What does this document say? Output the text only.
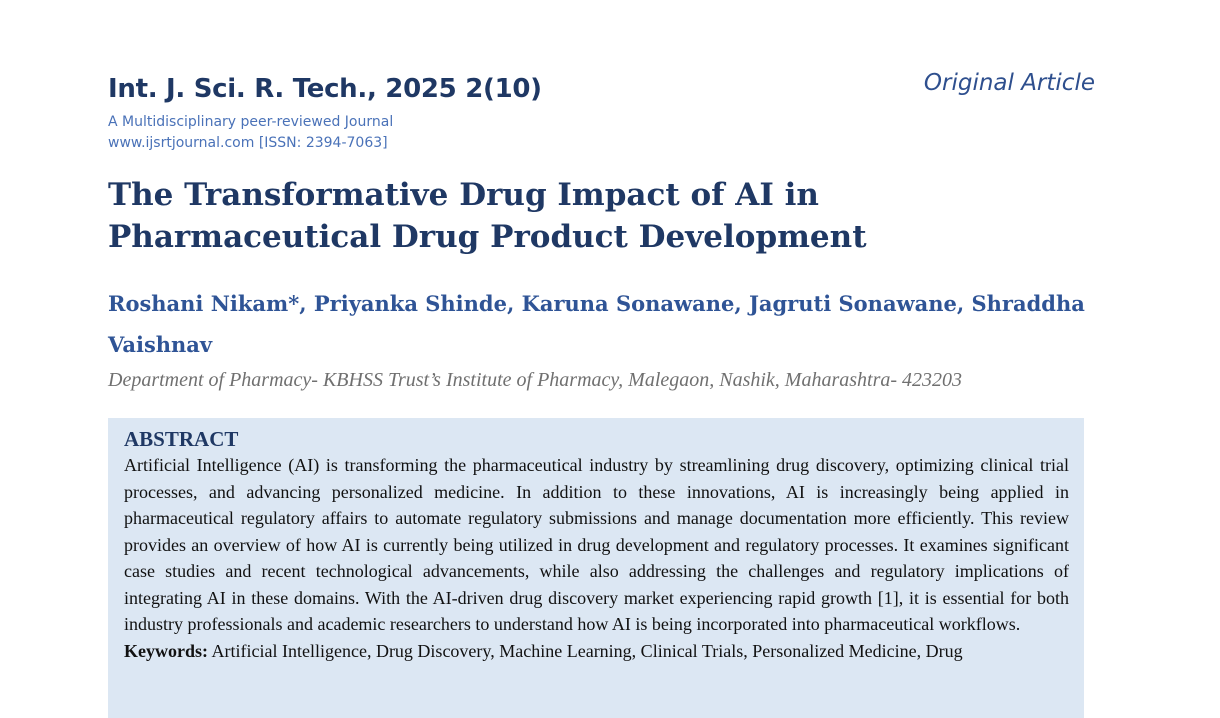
Int. J. Sci. R. Tech., 2025 2(10)	Original Article
A Multidisciplinary peer-reviewed Journal
www.ijsrtjournal.com [ISSN: 2394-7063]
The Transformative Drug Impact of AI in Pharmaceutical Drug Product Development
Roshani Nikam*, Priyanka Shinde, Karuna Sonawane, Jagruti Sonawane, Shraddha Vaishnav
Department of Pharmacy- KBHSS Trust’s Institute of Pharmacy, Malegaon, Nashik, Maharashtra- 423203
ABSTRACT

Artificial Intelligence (AI) is transforming the pharmaceutical industry by streamlining drug discovery, optimizing clinical trial processes, and advancing personalized medicine. In addition to these innovations, AI is increasingly being applied in pharmaceutical regulatory affairs to automate regulatory submissions and manage documentation more efficiently. This review provides an overview of how AI is currently being utilized in drug development and regulatory processes. It examines significant case studies and recent technological advancements, while also addressing the challenges and regulatory implications of integrating AI in these domains. With the AI-driven drug discovery market experiencing rapid growth [1], it is essential for both industry professionals and academic researchers to understand how AI is being incorporated into pharmaceutical workflows.

Keywords: Artificial Intelligence, Drug Discovery, Machine Learning, Clinical Trials, Personalized Medicine, Drug
